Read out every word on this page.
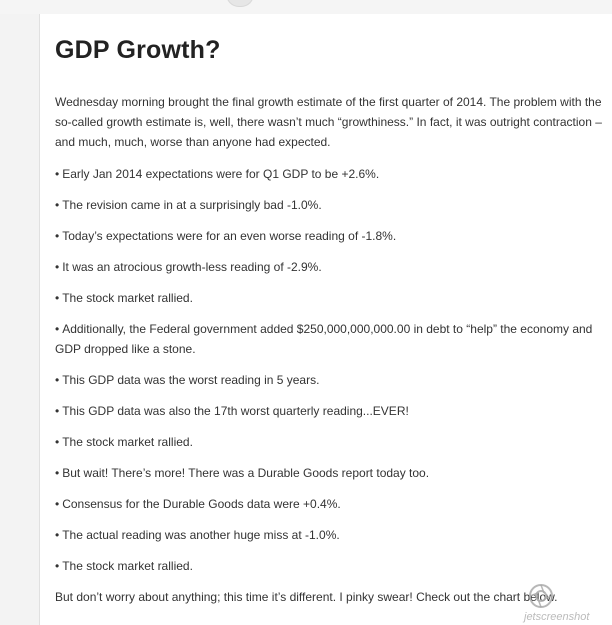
GDP Growth?

Wednesday morning brought the final growth estimate of the first quarter of 2014. The problem with the so-called growth estimate is, well, there wasn’t much “growthiness.” In fact, it was outright contraction – and much, much, worse than anyone had expected.

• Early Jan 2014 expectations were for Q1 GDP to be +2.6%.
• The revision came in at a surprisingly bad -1.0%.
• Today’s expectations were for an even worse reading of -1.8%.
• It was an atrocious growth-less reading of -2.9%.
• The stock market rallied.
• Additionally, the Federal government added $250,000,000,000.00 in debt to “help” the economy and GDP dropped like a stone.
• This GDP data was the worst reading in 5 years.
• This GDP data was also the 17th worst quarterly reading...EVER!
• The stock market rallied.
• But wait! There’s more! There was a Durable Goods report today too.
• Consensus for the Durable Goods data were +0.4%.
• The actual reading was another huge miss at -1.0%.
• The stock market rallied.

But don’t worry about anything; this time it’s different. I pinky swear! Check out the chart below.

jetscreenshot
